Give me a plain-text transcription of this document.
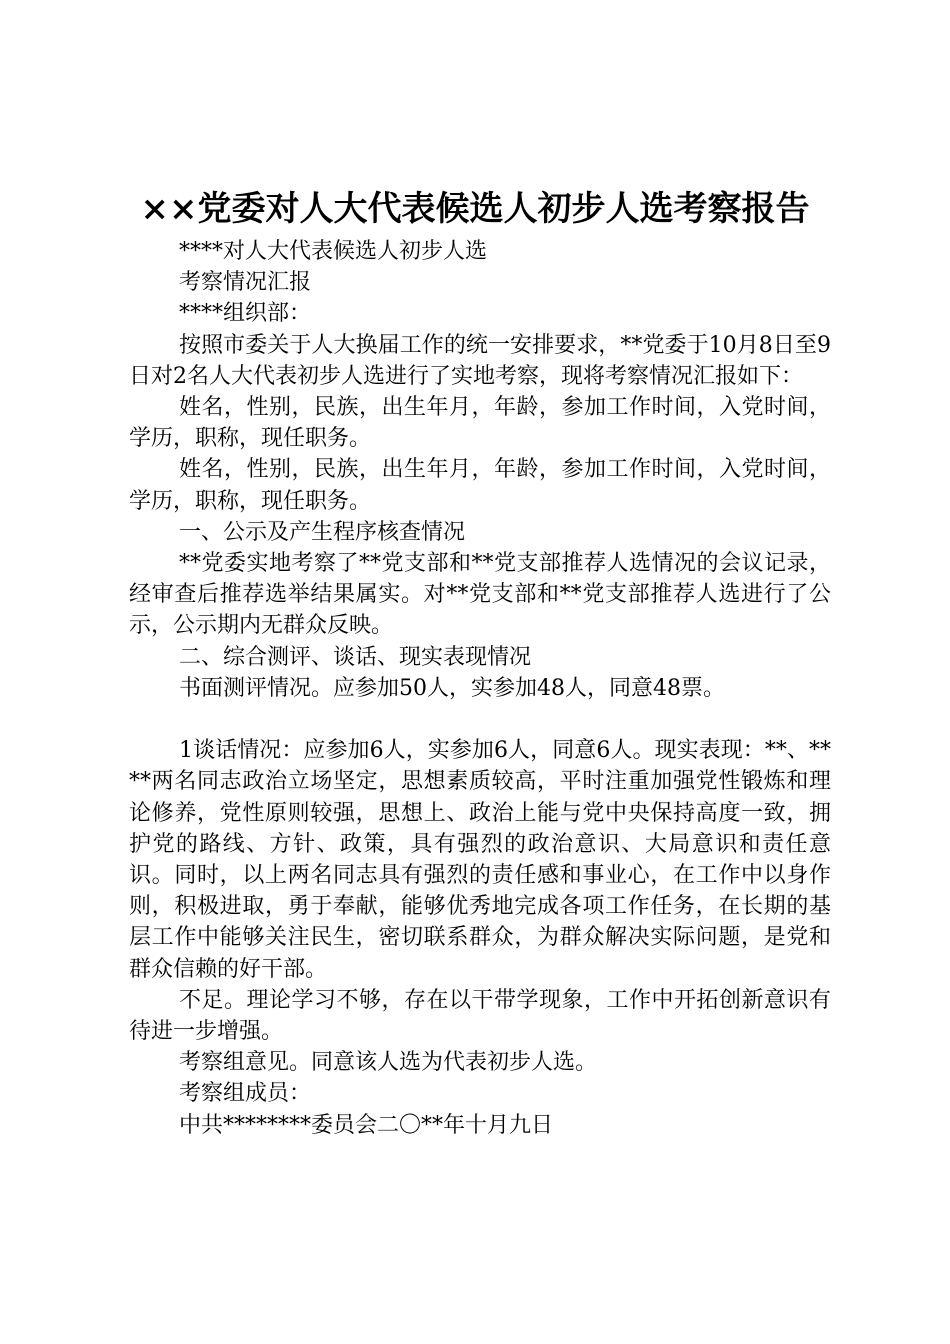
××党委对人大代表候选人初步人选考察报告

****对人大代表候选人初步人选

考察情况汇报

****组织部：

按照市委关于人大换届工作的统一安排要求，**党委于10月8日至9日对2名人大代表初步人选进行了实地考察，现将考察情况汇报如下：

姓名，性别，民族，出生年月，年龄，参加工作时间，入党时间，学历，职称，现任职务。

姓名，性别，民族，出生年月，年龄，参加工作时间，入党时间，学历，职称，现任职务。

一、公示及产生程序核查情况

**党委实地考察了**党支部和**党支部推荐人选情况的会议记录，经审查后推荐选举结果属实。对**党支部和**党支部推荐人选进行了公示，公示期内无群众反映。

二、综合测评、谈话、现实表现情况

书面测评情况。应参加50人，实参加48人，同意48票。

1谈话情况：应参加6人，实参加6人，同意6人。现实表现：**、****两名同志政治立场坚定，思想素质较高，平时注重加强党性锻炼和理论修养，党性原则较强，思想上、政治上能与党中央保持高度一致，拥护党的路线、方针、政策，具有强烈的政治意识、大局意识和责任意识。同时，以上两名同志具有强烈的责任感和事业心，在工作中以身作则，积极进取，勇于奉献，能够优秀地完成各项工作任务，在长期的基层工作中能够关注民生，密切联系群众，为群众解决实际问题，是党和群众信赖的好干部。

不足。理论学习不够，存在以干带学现象，工作中开拓创新意识有待进一步增强。

考察组意见。同意该人选为代表初步人选。

考察组成员：

中共********委员会二〇**年十月九日
